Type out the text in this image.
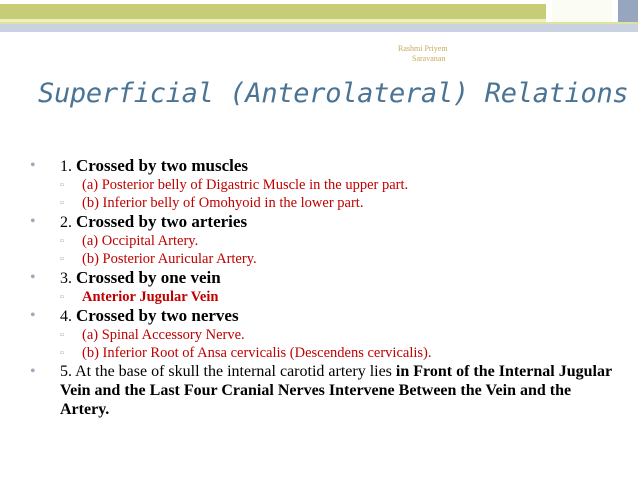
Rashmi Priyem
Saravanan
Superficial (Anterolateral) Relations
• 1. Crossed by two muscles
▫ (a) Posterior belly of Digastric Muscle in the upper part.
▫ (b) Inferior belly of Omohyoid in the lower part.
• 2. Crossed by two arteries
▫ (a) Occipital Artery.
▫ (b) Posterior Auricular Artery.
• 3. Crossed by one vein
▫ Anterior Jugular Vein
• 4. Crossed by two nerves
▫ (a) Spinal Accessory Nerve.
▫ (b) Inferior Root of Ansa cervicalis (Descendens cervicalis).
• 5. At the base of skull the internal carotid artery lies in Front of the Internal Jugular Vein and the Last Four Cranial Nerves Intervene Between the Vein and the Artery.
